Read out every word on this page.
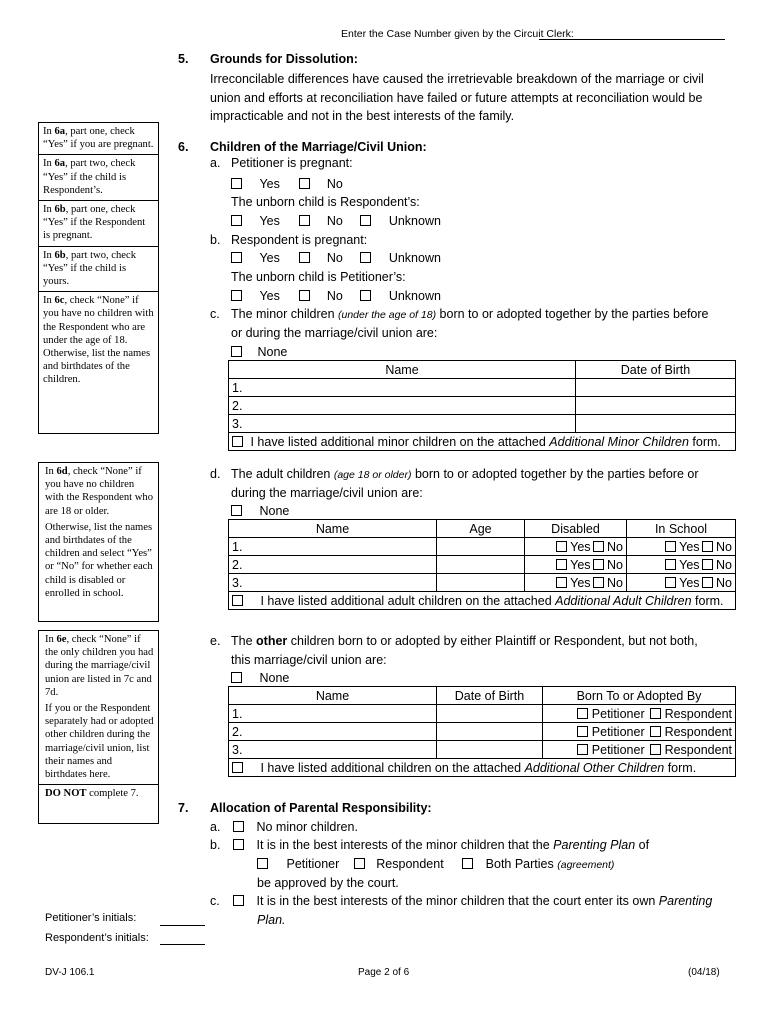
Enter the Case Number given by the Circuit Clerk:
5. Grounds for Dissolution:
Irreconcilable differences have caused the irretrievable breakdown of the marriage or civil
union and efforts at reconciliation have failed or future attempts at reconciliation would be
impracticable and not in the best interests of the family.
In 6a, part one, check “Yes” if you are pregnant.
In 6a, part two, check “Yes” if the child is Respondent’s.
In 6b, part one, check “Yes” if the Respondent is pregnant.
In 6b, part two, check “Yes” if the child is yours.
In 6c, check “None” if you have no children with the Respondent who are under the age of 18. Otherwise, list the names and birthdates of the children.
In 6d, check “None” if you have no children with the Respondent who are 18 or older.
Otherwise, list the names and birthdates of the children and select “Yes” or “No” for whether each child is disabled or enrolled in school.
In 6e, check “None” if the only children you had during the marriage/civil union are listed in 7c and 7d.
If you or the Respondent separately had or adopted other children during the marriage/civil union, list their names and birthdates here.
DO NOT complete 7.
6. Children of the Marriage/Civil Union:
a. Petitioner is pregnant:
Yes	No
The unborn child is Respondent’s:
Yes	No	Unknown
b. Respondent is pregnant:
Yes	No	Unknown
The unborn child is Petitioner’s:
Yes	No	Unknown
c. The minor children (under the age of 18) born to or adopted together by the parties before
or during the marriage/civil union are:
None
Name	Date of Birth
1.	
2.	
3.	
I have listed additional minor children on the attached Additional Minor Children form.	
d. The adult children (age 18 or older) born to or adopted together by the parties before or
during the marriage/civil union are:
None
Name	Age	Disabled	In School
1.		Yes No	Yes No
2.		Yes No	Yes No
3.		Yes No	Yes No
I have listed additional adult children on the attached Additional Adult Children form.			
e. The other children born to or adopted by either Plaintiff or Respondent, but not both,
this marriage/civil union are:
None
Name	Date of Birth	Born To or Adopted By
1.		Petitioner Respondent
2.		Petitioner Respondent
3.		Petitioner Respondent
I have listed additional children on the attached Additional Other Children form.		
7. Allocation of Parental Responsibility:
a.	No minor children.
b.	It is in the best interests of the minor children that the Parenting Plan of
Petitioner	Respondent	Both Parties (agreement)
be approved by the court.
c.	It is in the best interests of the minor children that the court enter its own Parenting
Plan.
Petitioner’s initials:
Respondent’s initials:
DV-J 106.1	Page 2 of 6	(04/18)
